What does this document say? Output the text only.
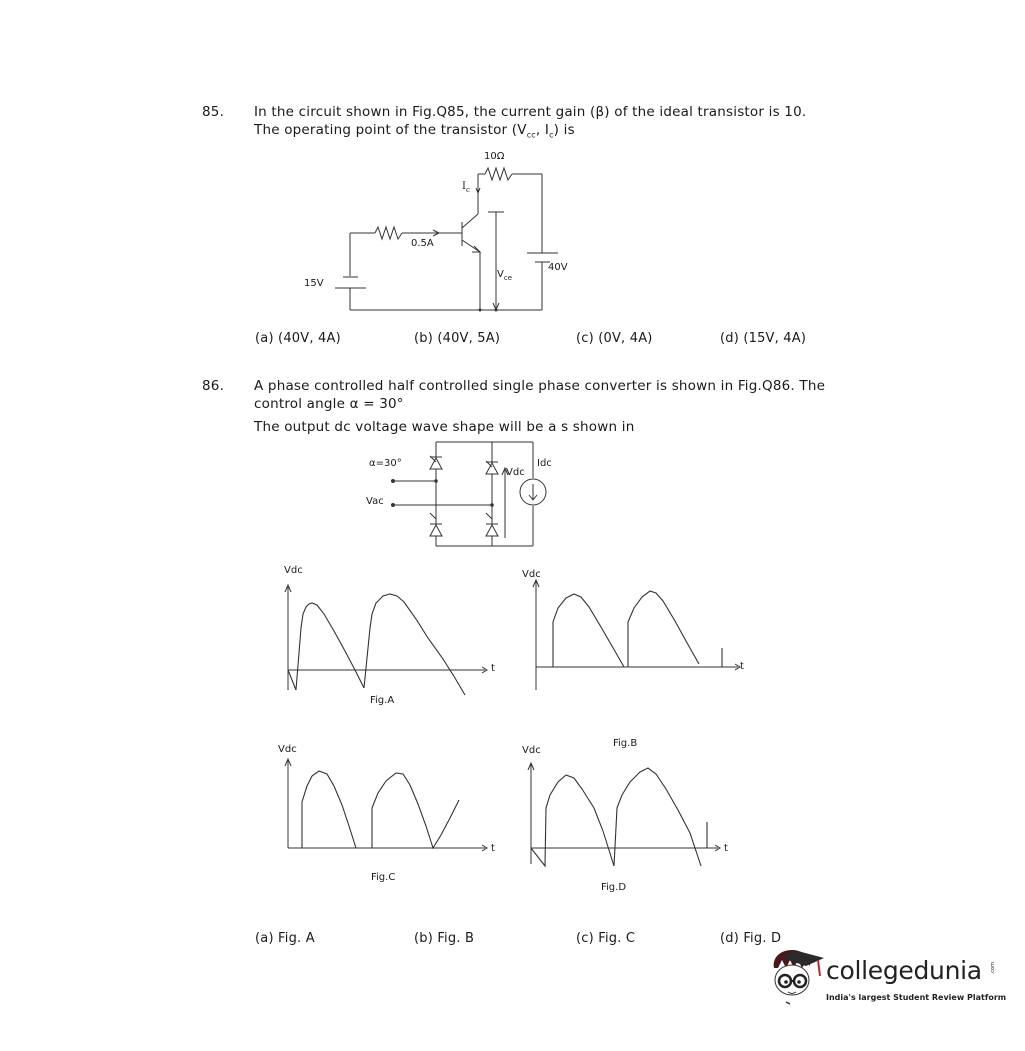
85. In the circuit shown in Fig.Q85, the current gain (β) of the ideal transistor is 10.
The operating point of the transistor ($V_{cc}$, $I_c$) is
10Ω
$I_c$
0.5A
15V
40V
$V_{ce}$
(a) (40V, 4A)	(b) (40V, 5A)	(c) (0V, 4A)	(d) (15V, 4A)
86. A phase controlled half controlled single phase converter is shown in Fig.Q86. The
control angle α = 30°
The output dc voltage wave shape will be a s shown in
α=30°
Vac
Vdc
Idc
Vdc
t
Fig.A
Vdc
t
Fig.B
Vdc
t
Fig.C
Vdc
t
Fig.D
(a) Fig. A	(b) Fig. B	(c) Fig. C	(d) Fig. D
collegedunia .com
India's largest Student Review Platform
